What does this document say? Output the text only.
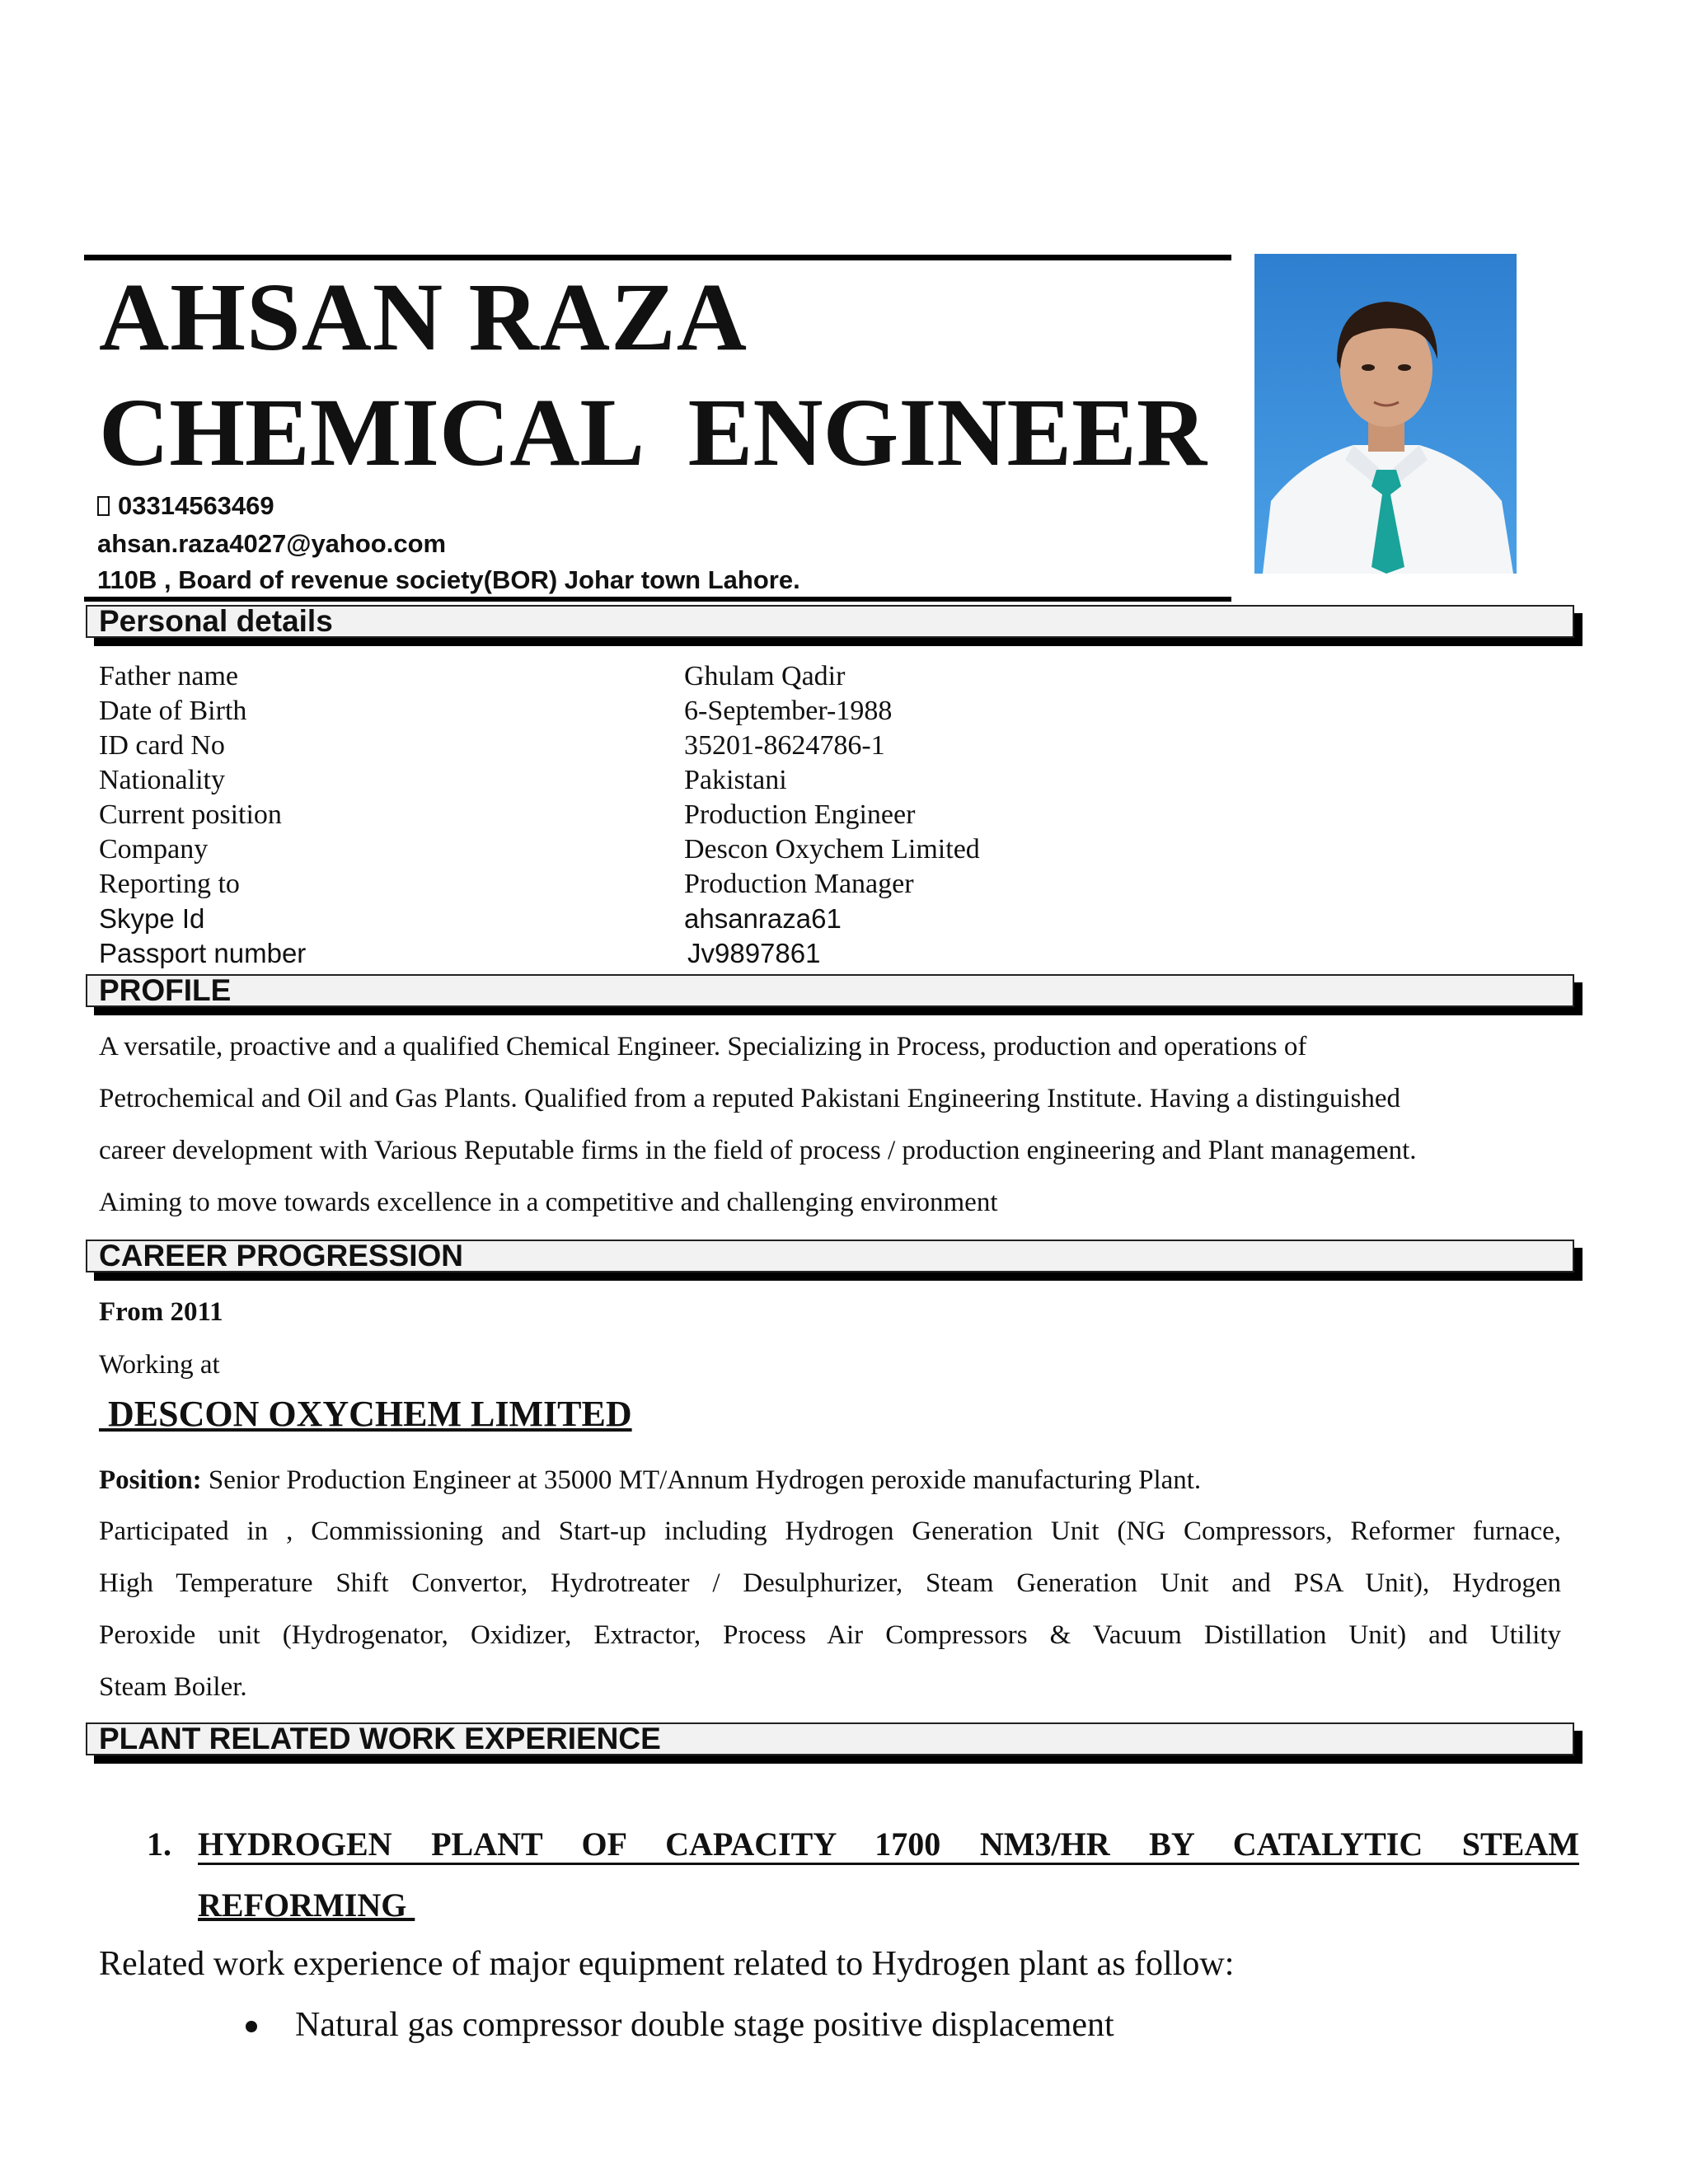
AHSAN RAZA
CHEMICAL  ENGINEER
03314563469
ahsan.raza4027@yahoo.com
110B , Board of revenue society(BOR) Johar town Lahore.
Personal details
Father name	Ghulam Qadir
Date of Birth	6-September-1988
ID card No	35201-8624786-1
Nationality	Pakistani
Current position	Production Engineer
Company	Descon Oxychem Limited
Reporting to	Production Manager
Skype Id	ahsanraza61
Passport number	Jv9897861
PROFILE
A versatile, proactive and a qualified Chemical Engineer. Specializing in Process, production and operations of
Petrochemical and Oil and Gas Plants. Qualified from a reputed Pakistani Engineering Institute. Having a distinguished
career development with Various Reputable firms in the field of process / production engineering and Plant management.
Aiming to move towards excellence in a competitive and challenging environment
CAREER PROGRESSION
From 2011
Working at
DESCON OXYCHEM LIMITED
Position: Senior Production Engineer at 35000 MT/Annum Hydrogen peroxide manufacturing Plant.
Participated in , Commissioning and Start-up including Hydrogen Generation Unit (NG Compressors, Reformer furnace,
High Temperature Shift Convertor, Hydrotreater / Desulphurizer, Steam Generation Unit and PSA Unit), Hydrogen
Peroxide unit (Hydrogenator, Oxidizer, Extractor, Process Air Compressors & Vacuum Distillation Unit) and Utility
Steam Boiler.
PLANT RELATED WORK EXPERIENCE
1. HYDROGEN PLANT OF CAPACITY 1700 NM3/HR BY CATALYTIC STEAM
REFORMING
Related work experience of major equipment related to Hydrogen plant as follow:
Natural gas compressor double stage positive displacement
